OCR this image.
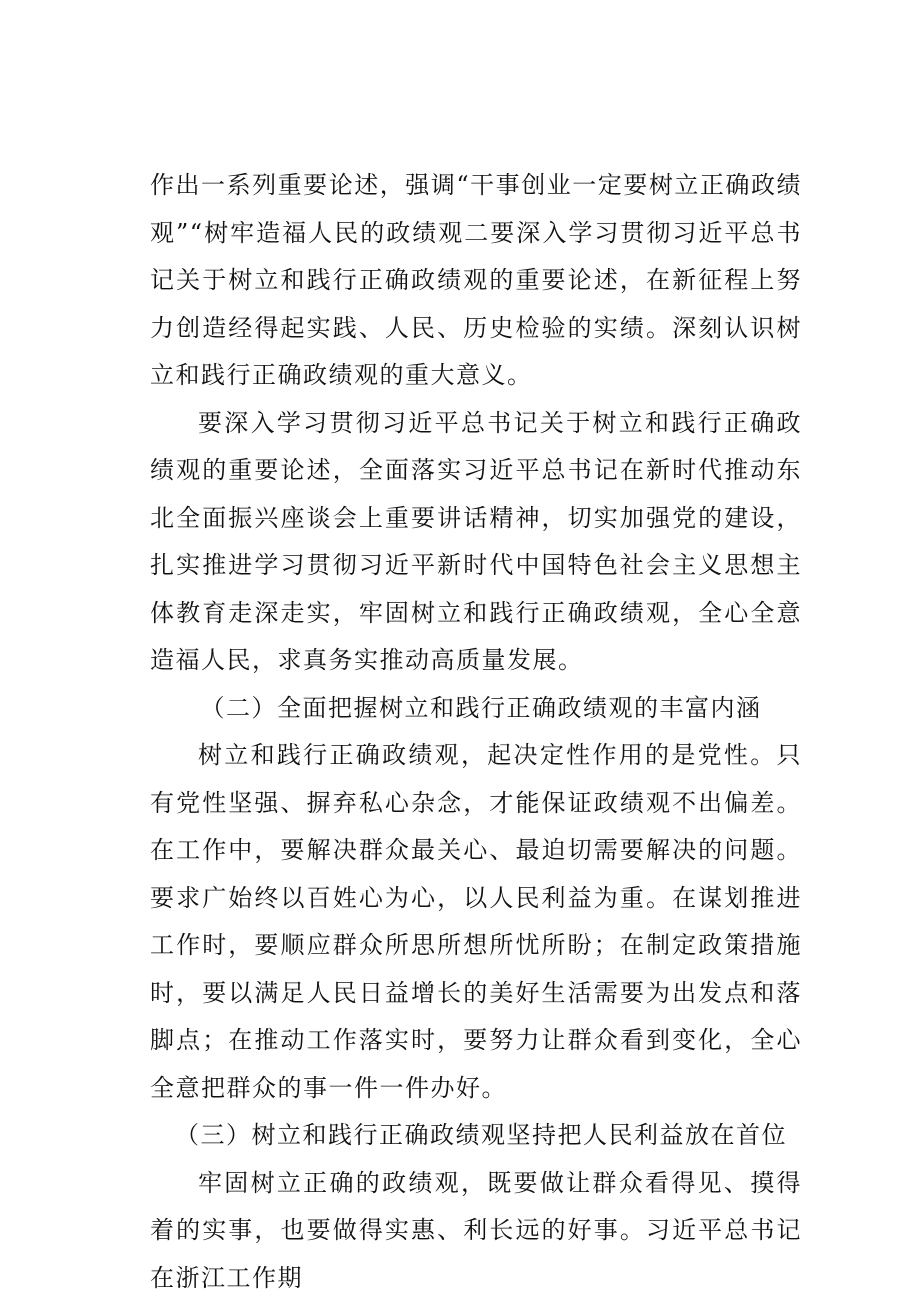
作出一系列重要论述，强调“干事创业一定要树立正确政绩观”“树牢造福人民的政绩观二要深入学习贯彻习近平总书记关于树立和践行正确政绩观的重要论述，在新征程上努力创造经得起实践、人民、历史检验的实绩。深刻认识树立和践行正确政绩观的重大意义。

要深入学习贯彻习近平总书记关于树立和践行正确政绩观的重要论述，全面落实习近平总书记在新时代推动东北全面振兴座谈会上重要讲话精神，切实加强党的建设，扎实推进学习贯彻习近平新时代中国特色社会主义思想主体教育走深走实，牢固树立和践行正确政绩观，全心全意造福人民，求真务实推动高质量发展。

（二）全面把握树立和践行正确政绩观的丰富内涵

树立和践行正确政绩观，起决定性作用的是党性。只有党性坚强、摒弃私心杂念，才能保证政绩观不出偏差。在工作中，要解决群众最关心、最迫切需要解决的问题。要求广始终以百姓心为心，以人民利益为重。在谋划推进工作时，要顺应群众所思所想所忧所盼；在制定政策措施时，要以满足人民日益增长的美好生活需要为出发点和落脚点；在推动工作落实时，要努力让群众看到变化，全心全意把群众的事一件一件办好。

（三）树立和践行正确政绩观坚持把人民利益放在首位

牢固树立正确的政绩观，既要做让群众看得见、摸得着的实事，也要做得实惠、利长远的好事。习近平总书记在浙江工作期
